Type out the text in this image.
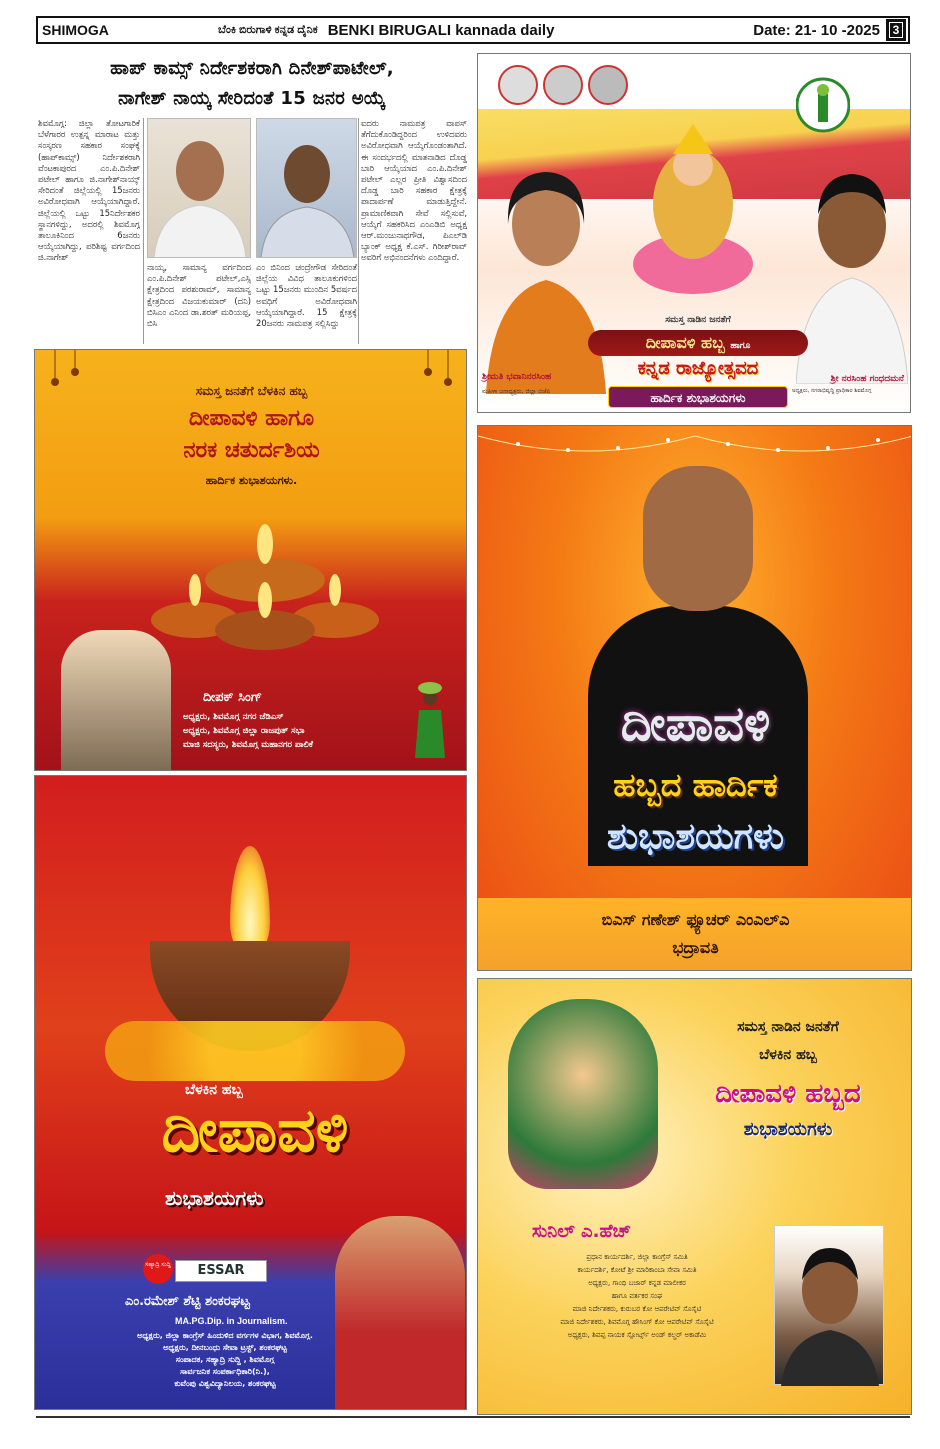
SHIMOGA	ಬೆಂಕಿ ಬಿರುಗಾಳಿ ಕನ್ನಡ ದೈನಿಕ BENKI BIRUGALI kannada daily	Date: 21- 10 -2025	3
ಹಾಪ್ ಕಾಮ್ಸ್ ನಿರ್ದೇಶಕರಾಗಿ ದಿನೇಶ್‌ಪಾಟೇಲ್,
ನಾಗೇಶ್ ನಾಯ್ಕ ಸೇರಿದಂತೆ 15 ಜನರ ಅಯ್ಕೆ
ಶಿವಮೊಗ್ಗ: ಜಿಲ್ಲಾ ತೋಟಗಾರಿಕೆ ಬೆಳೆಗಾರರ ಉತ್ಪನ್ನ ಮಾರಾಟ ಮತ್ತು ಸಂಸ್ಕರಣ ಸಹಕಾರ ಸಂಘಕ್ಕೆ (ಹಾಪ್‌ಕಾಮ್ಸ್) ನಿರ್ದೇಶಕರಾಗಿ ವೆಂಟಕಾಪುರದ ಎಂ.ಪಿ.ದಿನೇಶ್ ಪಟೇಲ್ ಹಾಗೂ ಜಿ.ನಾಗೇಶ್‌ನಾಯ್ಕ್ ಸೇರಿದಂತೆ ಜಿಲ್ಲೆಯಲ್ಲಿ 15ಜನರು ಅವಿರೋಧವಾಗಿ ಆಯ್ಕೆಯಾಗಿದ್ದಾರೆ. ಜಿಲ್ಲೆಯಲ್ಲಿ ಒಟ್ಟು 15ನಿರ್ದೇಶಕರ ಸ್ಥಾನಗಳಿದ್ದು, ಅದರಲ್ಲಿ ಶಿವಮೊಗ್ಗ ತಾಲೂಕಿನಿಂದ 6ಜನರು ಆಯ್ಕೆಯಾಗಿದ್ದು, ಪರಿಶಿಷ್ಟ ವರ್ಗದಿಂದ ಜಿ.ನಾಗೇಶ್
ನಾಯ್ಕ, ಸಾಮಾನ್ಯ ವರ್ಗದಿಂದ ಎಂ.ಪಿ.ದಿನೇಶ್ ಪಟೇಲ್,ಎಸ್ಸಿ ಕ್ಷೇತ್ರದಿಂದ ಪರಶುರಾಮ್, ಸಾಮಾನ್ಯ ಕ್ಷೇತ್ರದಿಂದ ವಿಜಯಕುಮಾರ್ (ದನಿ) ಬಿಸಿಎಂ ಎನಿಂದ ಡಾ.ಶರತ್ ಮರಿಯಪ್ಪ, ಬಿಸಿ
ಎಂ ಬಿನಿಂದ ಚಂದ್ರೇಗೌಡ ಸೇರಿದಂತೆ ಜಿಲ್ಲೆಯ ವಿವಿಧ ತಾಲೂಕುಗಳಿಂದ ಒಟ್ಟು 15ಜನರು ಮುಂದಿನ 5ವರ್ಷದ ಅವಧಿಗೆ ಅವಿರೋಧವಾಗಿ ಆಯ್ಕೆಯಾಗಿದ್ದಾರೆ. 15 ಕ್ಷೇತ್ರಕ್ಕೆ 20ಜನರು ನಾಮಪತ್ರ ಸಲ್ಲಿಸಿದ್ದು
ಐದರು ನಾಮಪತ್ರ ವಾಪಸ್ ತೆಗೆದುಕೊಂಡಿದ್ದರಿಂದ ಉಳಿದವರು ಅವಿರೋಧವಾಗಿ ಆಯ್ಕೆಗೊಂಡಂತಾಗಿದೆ. ಈ ಸಂದರ್ಭದಲ್ಲಿ ಮಾತನಾಡಿದ ದೊಡ್ಡ ಬಾರಿ ಆಯ್ಕೆಯಾದ ಎಂ.ಪಿ.ದಿನೇಶ್ ಪಟೇಲ್ ಎಲ್ಲರ ಪ್ರೀತಿ ವಿಶ್ವಾಸದಿಂದ ದೊಡ್ಡ ಬಾರಿ ಸಹಕಾರ ಕ್ಷೇತ್ರಕ್ಕೆ ಪಾದಾರ್ಪಣೆ ಮಾಡುತ್ತಿದ್ದೇನೆ. ಪ್ರಾಮಾಣಿಕವಾಗಿ ಸೇವೆ ಸಲ್ಲಿಸುವೆ, ಆಯ್ಕೆಗೆ ಸಹಕರಿಸಿದ ಎಂಎಡಿಬಿ ಅಧ್ಯಕ್ಷ ಆರ್.ಮಂಜುನಾಥಗೌಡ, ಪಿಎಲ್‌ಡಿ ಬ್ಯಾಂಕ್ ಅಧ್ಯಕ್ಷ ಕೆ.ಎಸ್. ಗಿರೀಶ್‌ರಾವ್ ಅವರಿಗೆ ಅಭಿನಂದನೆಗಳು ಎಂದಿದ್ದಾರೆ.
ಸಮಸ್ತ ನಾಡಿನ ಜನತೆಗೆ
ದೀಪಾವಳಿ ಹಬ್ಬ ಹಾಗೂ
ಕನ್ನಡ ರಾಜ್ಯೋತ್ಸವದ
ಹಾರ್ದಿಕ ಶುಭಾಶಯಗಳು
ಶ್ರೀಮತಿ ಭವಾನಿನರಸಿಂಹ
ಮಹಿಳಾ ಜನಾಧ್ಯಕ್ಷರು, ಜಿಲ್ಲಾ ಬಿಜೆಪಿ
ಶ್ರೀ ನರಸಿಂಹ ಗಂಧದಮನೆ
ಅಧ್ಯಕ್ಷರು, ನಗರಾಭಿವೃದ್ಧಿ ಪ್ರಾಧಿಕಾರ ಶಿವಮೊಗ್ಗ
ಸಮಸ್ತ ಜನತೆಗೆ ಬೆಳಕಿನ ಹಬ್ಬ
ದೀಪಾವಳಿ ಹಾಗೂ
ನರಕ ಚತುರ್ದಶಿಯ
ಹಾರ್ದಿಕ ಶುಭಾಶಯಗಳು.
ದೀಪಕ್ ಸಿಂಗ್
ಅಧ್ಯಕ್ಷರು, ಶಿವಮೊಗ್ಗ ನಗರ ಜೆಡಿಎಸ್
ಅಧ್ಯಕ್ಷರು, ಶಿವಮೊಗ್ಗ ಜಿಲ್ಲಾ ರಾಜಪುತ್ ಸಭಾ
ಮಾಜಿ ಸದಸ್ಯರು, ಶಿವಮೊಗ್ಗ ಮಹಾನಗರ ಪಾಲಿಕೆ	ದೀಪಾವಳಿ
ಹಬ್ಬದ ಹಾರ್ದಿಕ
ಶುಭಾಶಯಗಳು
ಬಿಎಸ್ ಗಣೇಶ್ ಫ್ಯೂಚರ್ ಎಂಎಲ್ಎ
ಭದ್ರಾವತಿ
ಬೆಳಕಿನ ಹಬ್ಬ
ದೀಪಾವಳಿ
ಶುಭಾಶಯಗಳು
ಸಹ್ಯಾದ್ರಿ ಸುದ್ದಿ	ESSAR
ಎಂ.ರಮೇಶ್ ಶೆಟ್ಟಿ ಶಂಕರಘಟ್ಟ
MA.PG.Dip. in Journalism.
ಅಧ್ಯಕ್ಷರು, ಜಿಲ್ಲಾ ಕಾಂಗ್ರೆಸ್ ಹಿಂದುಳಿದ ವರ್ಗಗಳ ವಿಭಾಗ, ಶಿವಮೊಗ್ಗ.
ಅಧ್ಯಕ್ಷರು, ದೀನಬಂಧು ಸೇವಾ ಟ್ರಸ್ಟ್, ಶಂಕರಘಟ್ಟ
ಸಂಪಾದಕ, ಸಹ್ಯಾದ್ರಿ ಸುದ್ದಿ , ಶಿವಮೊಗ್ಗ
ಸಾರ್ವಜನಿಕ ಸಂಪರ್ಕಾಧಿಕಾರಿ(ನಿ.),
ಕುವೆಂಪು ವಿಶ್ವವಿದ್ಯಾನಿಲಯ, ಶಂಕರಘಟ್ಟ
ಸಮಸ್ತ ನಾಡಿನ ಜನತೆಗೆ
ಬೆಳಕಿನ ಹಬ್ಬ
ದೀಪಾವಳಿ ಹಬ್ಬದ
ಶುಭಾಶಯಗಳು
ಸುನಿಲ್ ಎ.ಹೆಚ್
ಪ್ರಧಾನ ಕಾರ್ಯದರ್ಶಿ, ಜಿಲ್ಲಾ ಕಾಂಗ್ರೆಸ್ ಸಮಿತಿ
ಕಾರ್ಯದರ್ಶಿ, ಕೋಟೆ ಶ್ರೀ ಮಾರಿಕಾಂಬಾ ಸೇವಾ ಸಮಿತಿ
ಅಧ್ಯಕ್ಷರು, ಗಾಂಧಿ ಬಜಾರ್ ಕನ್ನಡ ಮಾಲೀಕರ
ಹಾಗೂ ವರ್ತಕರ ಸಂಘ
ಮಾಜಿ ನಿರ್ದೇಶಕರು, ಕುರುಬರ ಕೋ ಆಪರೇಟಿವ್ ಸೊಸೈಟಿ
ಮಾಜಿ ನಿರ್ದೇಶಕರು, ಶಿವಮೊಗ್ಗ ಹೌಸಿಂಗ್ ಕೋ ಆಪರೇಟಿವ್ ಸೊಸೈಟಿ
ಅಧ್ಯಕ್ಷರು, ಶಿವಪ್ಪ ನಾಯಕ ಸ್ಪೋರ್ಟ್ಸ್ ಅಂಡ್ ಕಲ್ಚರ್ ಅಕಾಡೆಮಿ
